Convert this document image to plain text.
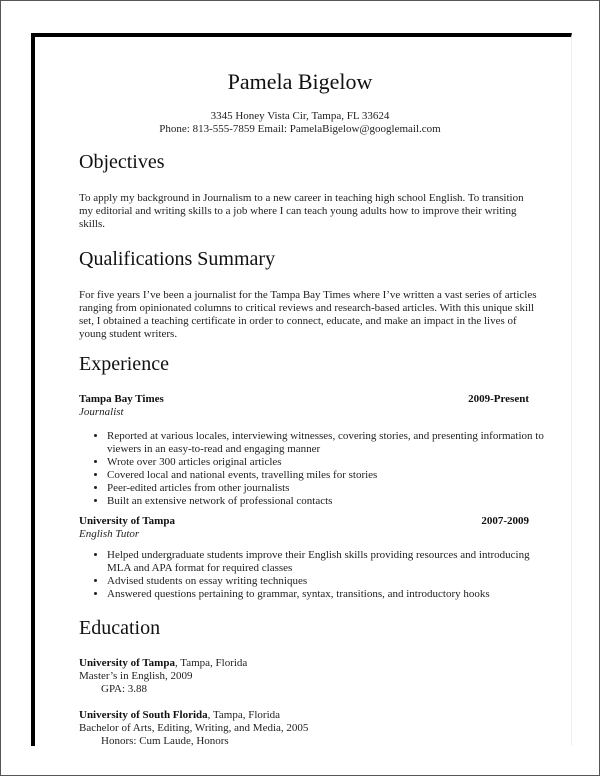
Pamela Bigelow
3345 Honey Vista Cir, Tampa, FL 33624
Phone: 813-555-7859 Email: PamelaBigelow@googlemail.com
Objectives
To apply my background in Journalism to a new career in teaching high school English. To transition my editorial and writing skills to a job where I can teach young adults how to improve their writing skills.
Qualifications Summary
For five years I’ve been a journalist for the Tampa Bay Times where I’ve written a vast series of articles ranging from opinionated columns to critical reviews and research-based articles. With this unique skill set, I obtained a teaching certificate in order to connect, educate, and make an impact in the lives of young student writers.
Experience
Tampa Bay Times	2009-Present
Journalist
• Reported at various locales, interviewing witnesses, covering stories, and presenting information to viewers in an easy-to-read and engaging manner
• Wrote over 300 articles original articles
• Covered local and national events, travelling miles for stories
• Peer-edited articles from other journalists
• Built an extensive network of professional contacts
University of Tampa	2007-2009
English Tutor
• Helped undergraduate students improve their English skills providing resources and introducing MLA and APA format for required classes
• Advised students on essay writing techniques
• Answered questions pertaining to grammar, syntax, transitions, and introductory hooks
Education
University of Tampa, Tampa, Florida
Master’s in English, 2009
GPA: 3.88
University of South Florida, Tampa, Florida
Bachelor of Arts, Editing, Writing, and Media, 2005
Honors: Cum Laude, Honors
